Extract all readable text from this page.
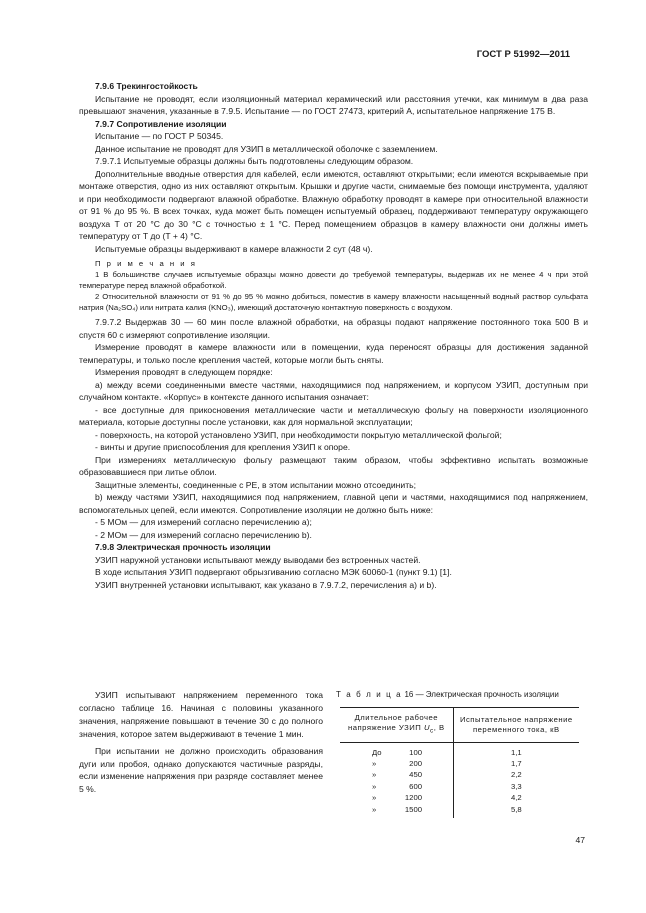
ГОСТ Р 51992—2011

7.9.6 Трекингостойкость

Испытание не проводят, если изоляционный материал керамический или расстояния утечки, как минимум в два раза превышают значения, указанные в 7.9.5. Испытание — по ГОСТ 27473, критерий A, испытательное напряжение 175 В.

7.9.7 Сопротивление изоляции

Испытание — по ГОСТ Р 50345.

Данное испытание не проводят для УЗИП в металлической оболочке с заземлением.

7.9.7.1 Испытуемые образцы должны быть подготовлены следующим образом.

Дополнительные вводные отверстия для кабелей, если имеются, оставляют открытыми; если имеются вскрываемые при монтаже отверстия, одно из них оставляют открытым. Крышки и другие части, снимаемые без помощи инструмента, удаляют и при необходимости подвергают влажной обработке. Влажную обработку проводят в камере при относительной влажности от 91 % до 95 %. В всех точках, куда может быть помещен испытуемый образец, поддерживают температуру окружающего воздуха T от 20 °С до 30 °С с точностью ± 1 °С. Перед помещением образцов в камеру влажности они должны иметь температуру от T до (T + 4) °С.

Испытуемые образцы выдерживают в камере влажности 2 сут (48 ч).

П р и м е ч а н и я

1 В большинстве случаев испытуемые образцы можно довести до требуемой температуры, выдержав их не менее 4 ч при этой температуре перед влажной обработкой.

2 Относительной влажности от 91 % до 95 % можно добиться, поместив в камеру влажности насыщенный водный раствор сульфата натрия (Na₂SO₄) или нитрата калия (KNO₃), имеющий достаточную контактную поверхность с воздухом.

7.9.7.2 Выдержав 30 — 60 мин после влажной обработки, на образцы подают напряжение постоянного тока 500 В и спустя 60 с измеряют сопротивление изоляции.

Измерение проводят в камере влажности или в помещении, куда переносят образцы для достижения заданной температуры, и только после крепления частей, которые могли быть сняты.

Измерения проводят в следующем порядке:

a) между всеми соединенными вместе частями, находящимися под напряжением, и корпусом УЗИП, доступным при случайном контакте. «Корпус» в контексте данного испытания означает:

- все доступные для прикосновения металлические части и металлическую фольгу на поверхности изоляционного материала, которые доступны после установки, как для нормальной эксплуатации;

- поверхность, на которой установлено УЗИП, при необходимости покрытую металлической фольгой;

- винты и другие приспособления для крепления УЗИП к опоре.

При измерениях металлическую фольгу размещают таким образом, чтобы эффективно испытать возможные образовавшиеся при литье облои.

Защитные элементы, соединенные с PE, в этом испытании можно отсоединить;

b) между частями УЗИП, находящимися под напряжением, главной цепи и частями, находящимися под напряжением, вспомогательных цепей, если имеются. Сопротивление изоляции не должно быть ниже:

- 5 МОм — для измерений согласно перечислению a);

- 2 МОм — для измерений согласно перечислению b).

7.9.8 Электрическая прочность изоляции

УЗИП наружной установки испытывают между выводами без встроенных частей.

В ходе испытания УЗИП подвергают обрызгиванию согласно МЭК 60060-1 (пункт 9.1) [1].

УЗИП внутренней установки испытывают, как указано в 7.9.7.2, перечисления a) и b).

УЗИП испытывают напряжением переменного тока согласно таблице 16. Начиная с половины указанного значения, напряжение повышают в течение 30 с до полного значения, которое затем выдерживают в течение 1 мин.

При испытании не должно происходить образования дуги или пробоя, однако допускаются частичные разряды, если изменение напряжения при разряде составляет менее 5 %.

Т а б л и ц а 16 — Электрическая прочность изоляции
Длительное рабочее напряжение УЗИП $U_c$, В	Испытательное напряжение переменного тока, кВ
До 100	1,1
» 200	1,7
» 450	2,2
» 600	3,3
» 1200	4,2
» 1500	5,8
47
